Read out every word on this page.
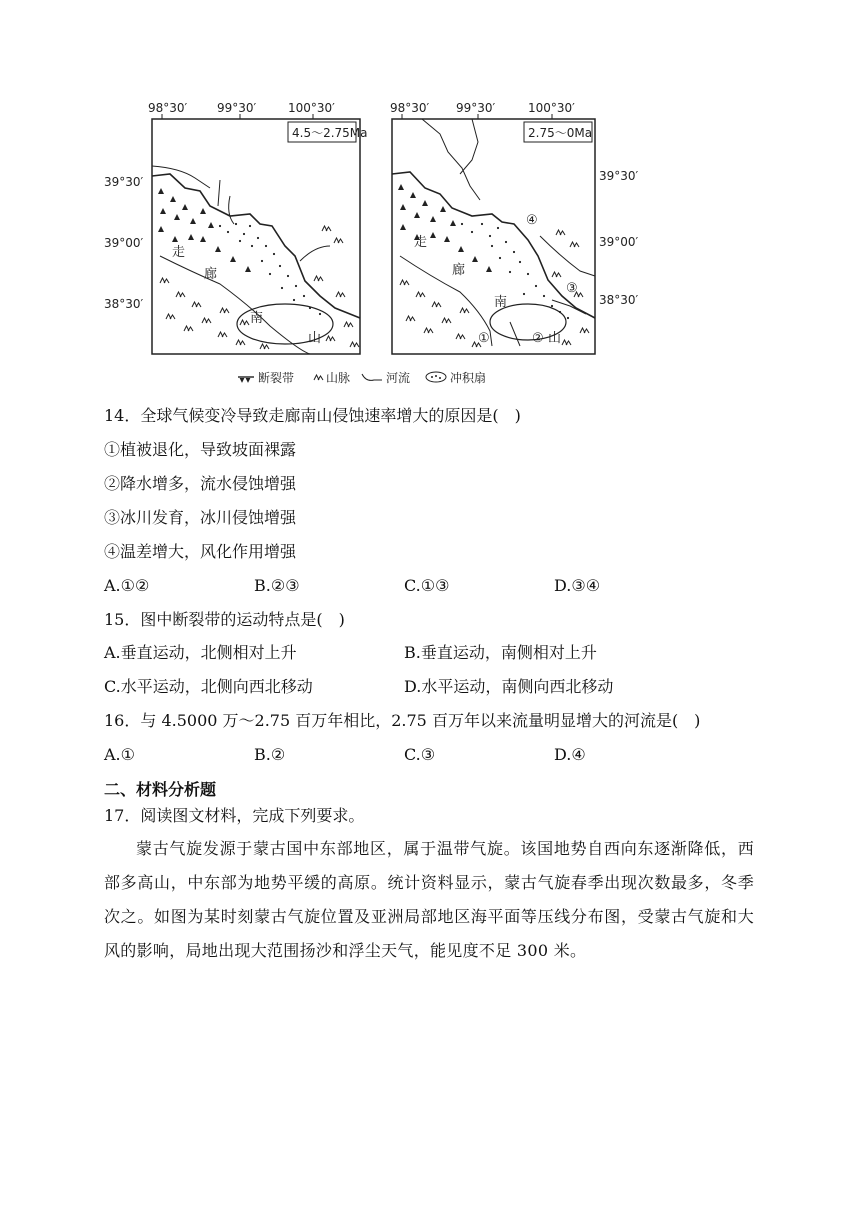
98°30′ 99°30′	100°30′
39°30′
39°00′
38°30′
4.5～2.75Ma
走
廊
南
山
98°30′ 99°30′	100°30′
39°30′
39°00′
38°30′
2.75～0Ma
走
廊
南
山
①	②
③
④
断裂带	山脉	河流	冲积扇
14．全球气候变冷导致走廊南山侵蚀速率增大的原因是(　)
①植被退化，导致坡面裸露
②降水增多，流水侵蚀增强
③冰川发育，冰川侵蚀增强
④温差增大，风化作用增强
A.①②	B.②③	C.①③	D.③④
15．图中断裂带的运动特点是(　)
A.垂直运动，北侧相对上升	B.垂直运动，南侧相对上升
C.水平运动，北侧向西北移动	D.水平运动，南侧向西北移动
16．与 4.5000 万～2.75 百万年相比，2.75 百万年以来流量明显增大的河流是(　)
A.①	B.②	C.③	D.④
二、材料分析题
17．阅读图文材料，完成下列要求。
蒙古气旋发源于蒙古国中东部地区，属于温带气旋。该国地势自西向东逐渐降低，西部多高山，中东部为地势平缓的高原。统计资料显示，蒙古气旋春季出现次数最多，冬季次之。如图为某时刻蒙古气旋位置及亚洲局部地区海平面等压线分布图，受蒙古气旋和大风的影响，局地出现大范围扬沙和浮尘天气，能见度不足 300 米。
